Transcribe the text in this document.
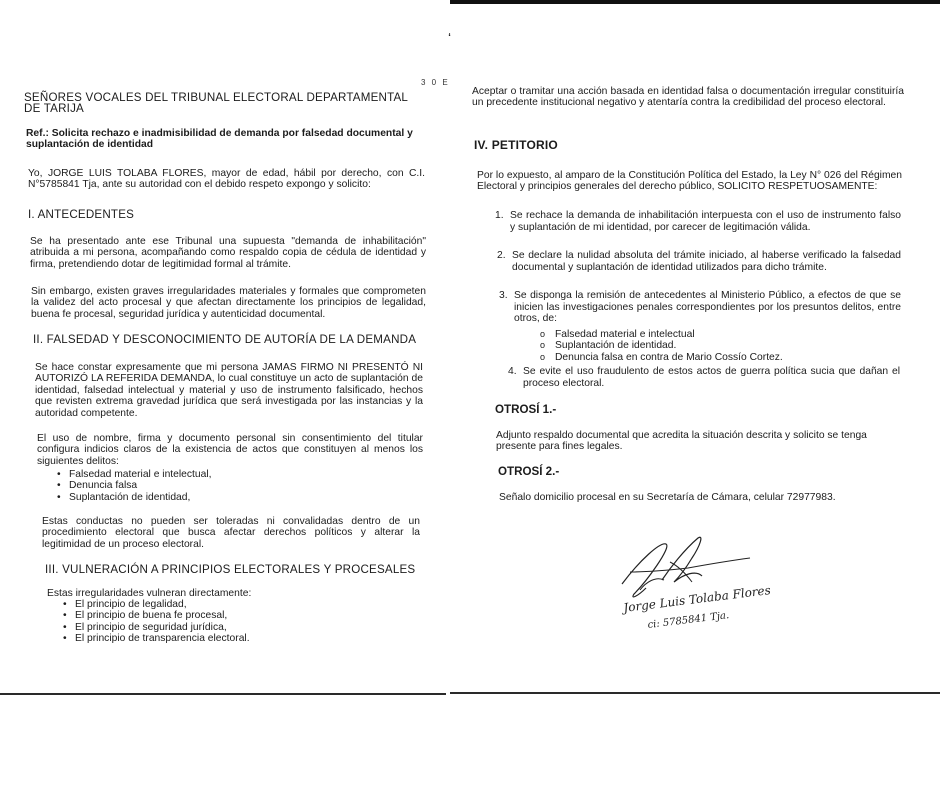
ʻ

SEÑORES VOCALES DEL TRIBUNAL ELECTORAL DEPARTAMENTAL DE TARIJA

3 0 E

Ref.: Solicita rechazo e inadmisibilidad de demanda por falsedad documental y suplantación de identidad

Yo, JORGE LUIS TOLABA FLORES, mayor de edad, hábil por derecho, con C.I. N°5785841 Tja, ante su autoridad con el debido respeto expongo y solicito:

I. ANTECEDENTES

Se ha presentado ante ese Tribunal una supuesta "demanda de inhabilitación" atribuida a mi persona, acompañando como respaldo copia de cédula de identidad y firma, pretendiendo dotar de legitimidad formal al trámite.

Sin embargo, existen graves irregularidades materiales y formales que comprometen la validez del acto procesal y que afectan directamente los principios de legalidad, buena fe procesal, seguridad jurídica y autenticidad documental.

II. FALSEDAD Y DESCONOCIMIENTO DE AUTORÍA DE LA DEMANDA

Se hace constar expresamente que mi persona JAMAS FIRMO NI PRESENTÓ NI AUTORIZÓ LA REFERIDA DEMANDA, lo cual constituye un acto de suplantación de identidad, falsedad intelectual y material y uso de instrumento falsificado, hechos que revisten extrema gravedad jurídica que será investigada por las instancias y la autoridad competente.

El uso de nombre, firma y documento personal sin consentimiento del titular configura indicios claros de la existencia de actos que constituyen al menos los siguientes delitos:

• Falsedad material e intelectual,
• Denuncia falsa
• Suplantación de identidad,

Estas conductas no pueden ser toleradas ni convalidadas dentro de un procedimiento electoral que busca afectar derechos políticos y alterar la legitimidad de un proceso electoral.

III. VULNERACIÓN A PRINCIPIOS ELECTORALES Y PROCESALES

Estas irregularidades vulneran directamente:

• El principio de legalidad,
• El principio de buena fe procesal,
• El principio de seguridad jurídica,
• El principio de transparencia electoral.

Aceptar o tramitar una acción basada en identidad falsa o documentación irregular constituiría un precedente institucional negativo y atentaría contra la credibilidad del proceso electoral.

IV. PETITORIO

Por lo expuesto, al amparo de la Constitución Política del Estado, la Ley N° 026 del Régimen Electoral y principios generales del derecho público, SOLICITO RESPETUOSAMENTE:

1. Se rechace la demanda de inhabilitación interpuesta con el uso de instrumento falso y suplantación de mi identidad, por carecer de legitimación válida.
2. Se declare la nulidad absoluta del trámite iniciado, al haberse verificado la falsedad documental y suplantación de identidad utilizados para dicho trámite.
3. Se disponga la remisión de antecedentes al Ministerio Público, a efectos de que se inicien las investigaciones penales correspondientes por los presuntos delitos, entre otros, de:
o Falsedad material e intelectual
o Suplantación de identidad.
o Denuncia falsa en contra de Mario Cossío Cortez.
4. Se evite el uso fraudulento de estos actos de guerra política sucia que dañan el proceso electoral.

OTROSÍ 1.-

Adjunto respaldo documental que acredita la situación descrita y solicito se tenga presente para fines legales.

OTROSÍ 2.-

Señalo domicilio procesal en su Secretaría de Cámara, celular 72977983.

Jorge Luis Tolaba Flores
ci: 5785841 Tja.
